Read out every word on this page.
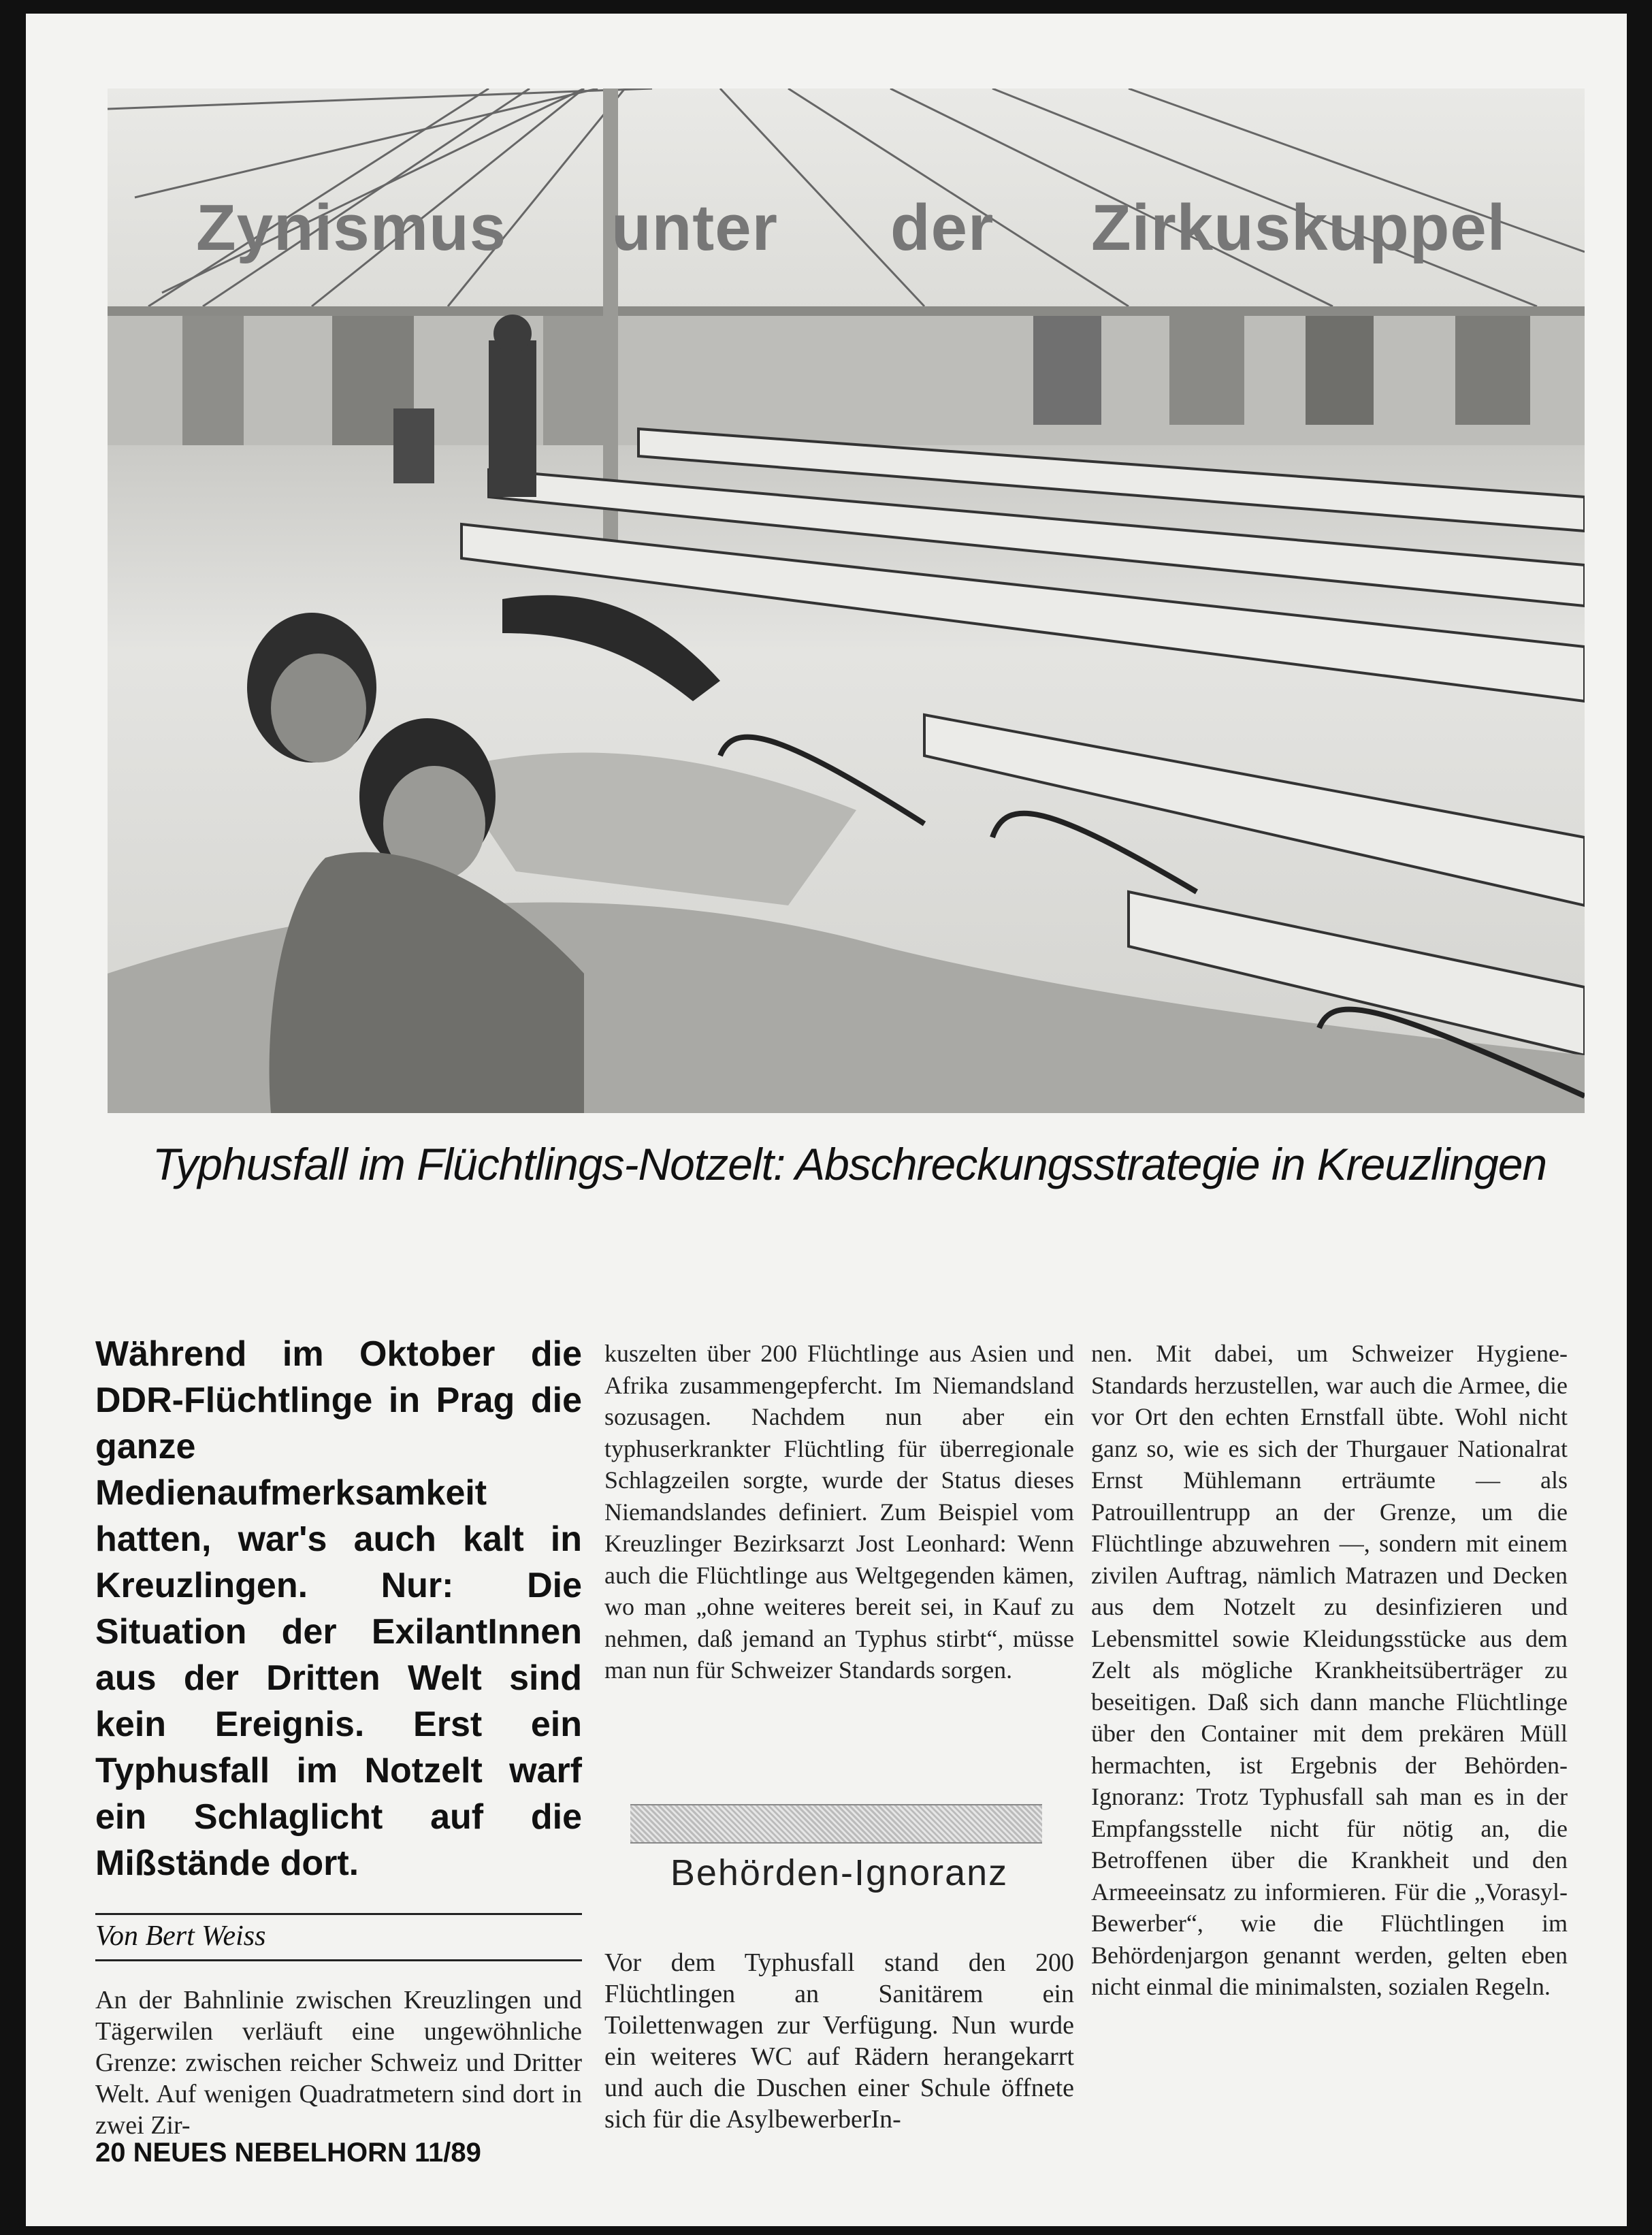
Zynismus unter der Zirkuskuppel
Typhusfall im Flüchtlings-Notzelt: Abschreckungsstrategie in Kreuzlingen
Während im Oktober die DDR-Flüchtlinge in Prag die ganze Medienaufmerksamkeit hatten, war's auch kalt in Kreuzlingen. Nur: Die Situation der ExilantInnen aus der Dritten Welt sind kein Ereignis. Erst ein Typhusfall im Notzelt warf ein Schlaglicht auf die Mißstände dort.
Von Bert Weiss
An der Bahnlinie zwischen Kreuzlingen und Tägerwilen verläuft eine ungewöhnliche Grenze: zwischen reicher Schweiz und Dritter Welt. Auf wenigen Quadratmetern sind dort in zwei Zir-
kuszelten über 200 Flüchtlinge aus Asien und Afrika zusammengepfercht. Im Niemandsland sozusagen. Nachdem nun aber ein typhuserkrankter Flüchtling für überregionale Schlagzeilen sorgte, wurde der Status dieses Niemandslandes definiert. Zum Beispiel vom Kreuzlinger Bezirksarzt Jost Leonhard: Wenn auch die Flüchtlinge aus Weltgegenden kämen, wo man „ohne weiteres bereit sei, in Kauf zu nehmen, daß jemand an Typhus stirbt“, müsse man nun für Schweizer Standards sorgen.
Behörden-Ignoranz
Vor dem Typhusfall stand den 200 Flüchtlingen an Sanitärem ein Toilettenwagen zur Verfügung. Nun wurde ein weiteres WC auf Rädern herangekarrt und auch die Duschen einer Schule öffnete sich für die AsylbewerberIn-
nen. Mit dabei, um Schweizer Hygiene-Standards herzustellen, war auch die Armee, die vor Ort den echten Ernstfall übte. Wohl nicht ganz so, wie es sich der Thurgauer Nationalrat Ernst Mühlemann erträumte — als Patrouillentrupp an der Grenze, um die Flüchtlinge abzuwehren —, sondern mit einem zivilen Auftrag, nämlich Matrazen und Decken aus dem Notzelt zu desinfizieren und Lebensmittel sowie Kleidungsstücke aus dem Zelt als mögliche Krankheitsüberträger zu beseitigen. Daß sich dann manche Flüchtlinge über den Container mit dem prekären Müll hermachten, ist Ergebnis der Behörden-Ignoranz: Trotz Typhusfall sah man es in der Empfangsstelle nicht für nötig an, die Betroffenen über die Krankheit und den Armeeeinsatz zu informieren. Für die „Vorasyl-Bewerber“, wie die Flüchtlingen im Behördenjargon genannt werden, gelten eben nicht einmal die minimalsten, sozialen Regeln.
20 NEUES NEBELHORN 11/89
